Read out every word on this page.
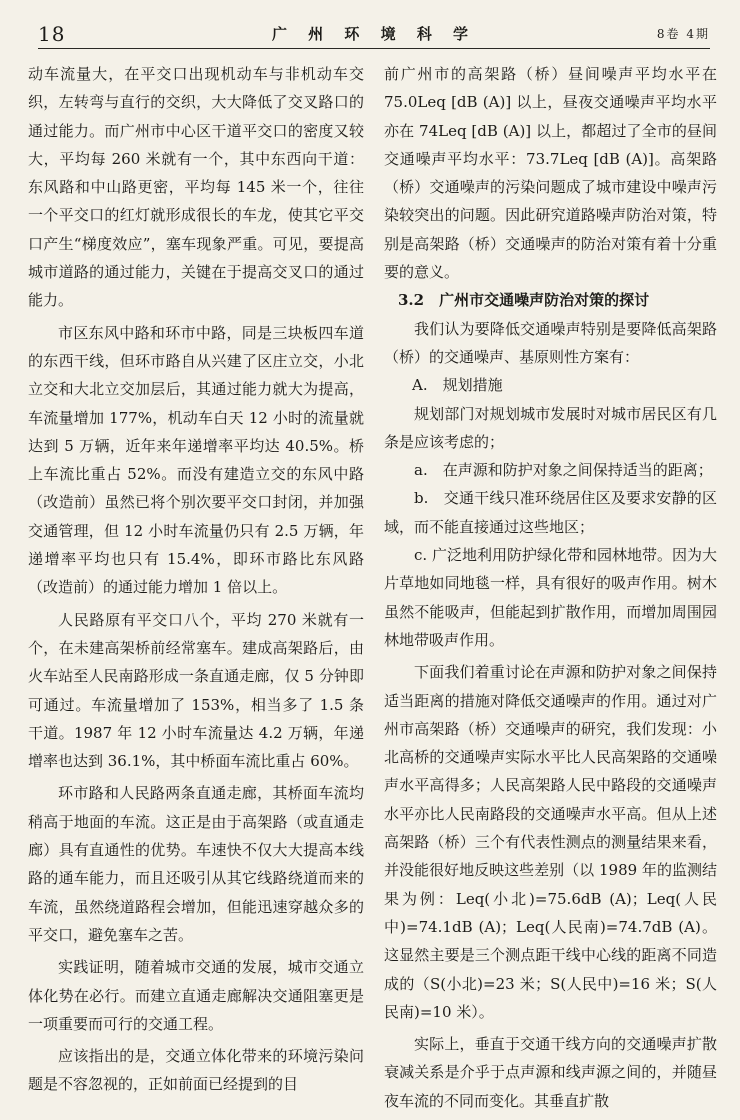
18	广 州 环 境 科 学	8卷 4期

动车流量大，在平交口出现机动车与非机动车交织，左转弯与直行的交织，大大降低了交叉路口的通过能力。而广州市中心区干道平交口的密度又较大，平均每 260 米就有一个，其中东西向干道：东风路和中山路更密，平均每 145 米一个，往往一个平交口的红灯就形成很长的车龙，使其它平交口产生“梯度效应”，塞车现象严重。可见，要提高城市道路的通过能力，关键在于提高交叉口的通过能力。

市区东风中路和环市中路，同是三块板四车道的东西干线，但环市路自从兴建了区庄立交，小北立交和大北立交加层后，其通过能力就大为提高，车流量增加 177%，机动车白天 12 小时的流量就达到 5 万辆，近年来年递增率平均达 40.5%。桥上车流比重占 52%。而没有建造立交的东风中路（改造前）虽然已将个别次要平交口封闭，并加强交通管理，但 12 小时车流量仍只有 2.5 万辆，年递增率平均也只有 15.4%，即环市路比东风路（改造前）的通过能力增加 1 倍以上。

人民路原有平交口八个，平均 270 米就有一个，在未建高架桥前经常塞车。建成高架路后，由火车站至人民南路形成一条直通走廊，仅 5 分钟即可通过。车流量增加了 153%，相当多了 1.5 条干道。1987 年 12 小时车流量达 4.2 万辆，年递增率也达到 36.1%，其中桥面车流比重占 60%。

环市路和人民路两条直通走廊，其桥面车流均稍高于地面的车流。这正是由于高架路（或直通走廊）具有直通性的优势。车速快不仅大大提高本线路的通车能力，而且还吸引从其它线路绕道而来的车流，虽然绕道路程会增加，但能迅速穿越众多的平交口，避免塞车之苦。

实践证明，随着城市交通的发展，城市交通立体化势在必行。而建立直通走廊解决交通阻塞更是一项重要而可行的交通工程。

应该指出的是，交通立体化带来的环境污染问题是不容忽视的，正如前面已经提到的目

前广州市的高架路（桥）昼间噪声平均水平在 75.0Leq [dB (A)] 以上，昼夜交通噪声平均水平亦在 74Leq [dB (A)] 以上，都超过了全市的昼间交通噪声平均水平：73.7Leq [dB (A)]。高架路（桥）交通噪声的污染问题成了城市建设中噪声污染较突出的问题。因此研究道路噪声防治对策，特别是高架路（桥）交通噪声的防治对策有着十分重要的意义。

3.2　广州市交通噪声防治对策的探讨

我们认为要降低交通噪声特别是要降低高架路（桥）的交通噪声、基原则性方案有：

A.　规划措施

规划部门对规划城市发展时对城市居民区有几条是应该考虑的；

a.　在声源和防护对象之间保持适当的距离；

b.　交通干线只准环绕居住区及要求安静的区域，而不能直接通过这些地区；

c. 广泛地利用防护绿化带和园林地带。因为大片草地如同地毯一样，具有很好的吸声作用。树木虽然不能吸声，但能起到扩散作用，而增加周围园林地带吸声作用。

下面我们着重讨论在声源和防护对象之间保持适当距离的措施对降低交通噪声的作用。通过对广州市高架路（桥）交通噪声的研究，我们发现：小北高桥的交通噪声实际水平比人民高架路的交通噪声水平高得多；人民高架路人民中路段的交通噪声水平亦比人民南路段的交通噪声水平高。但从上述高架路（桥）三个有代表性测点的测量结果来看，并没能很好地反映这些差别（以 1989 年的监测结果为例：Leq(小北)=75.6dB (A)；Leq(人民中)=74.1dB (A)；Leq(人民南)=74.7dB (A)。这显然主要是三个测点距干线中心线的距离不同造成的（S(小北)=23 米；S(人民中)=16 米；S(人民南)=10 米）。

实际上，垂直于交通干线方向的交通噪声扩散衰减关系是介乎于点声源和线声源之间的，并随昼夜车流的不同而变化。其垂直扩散
